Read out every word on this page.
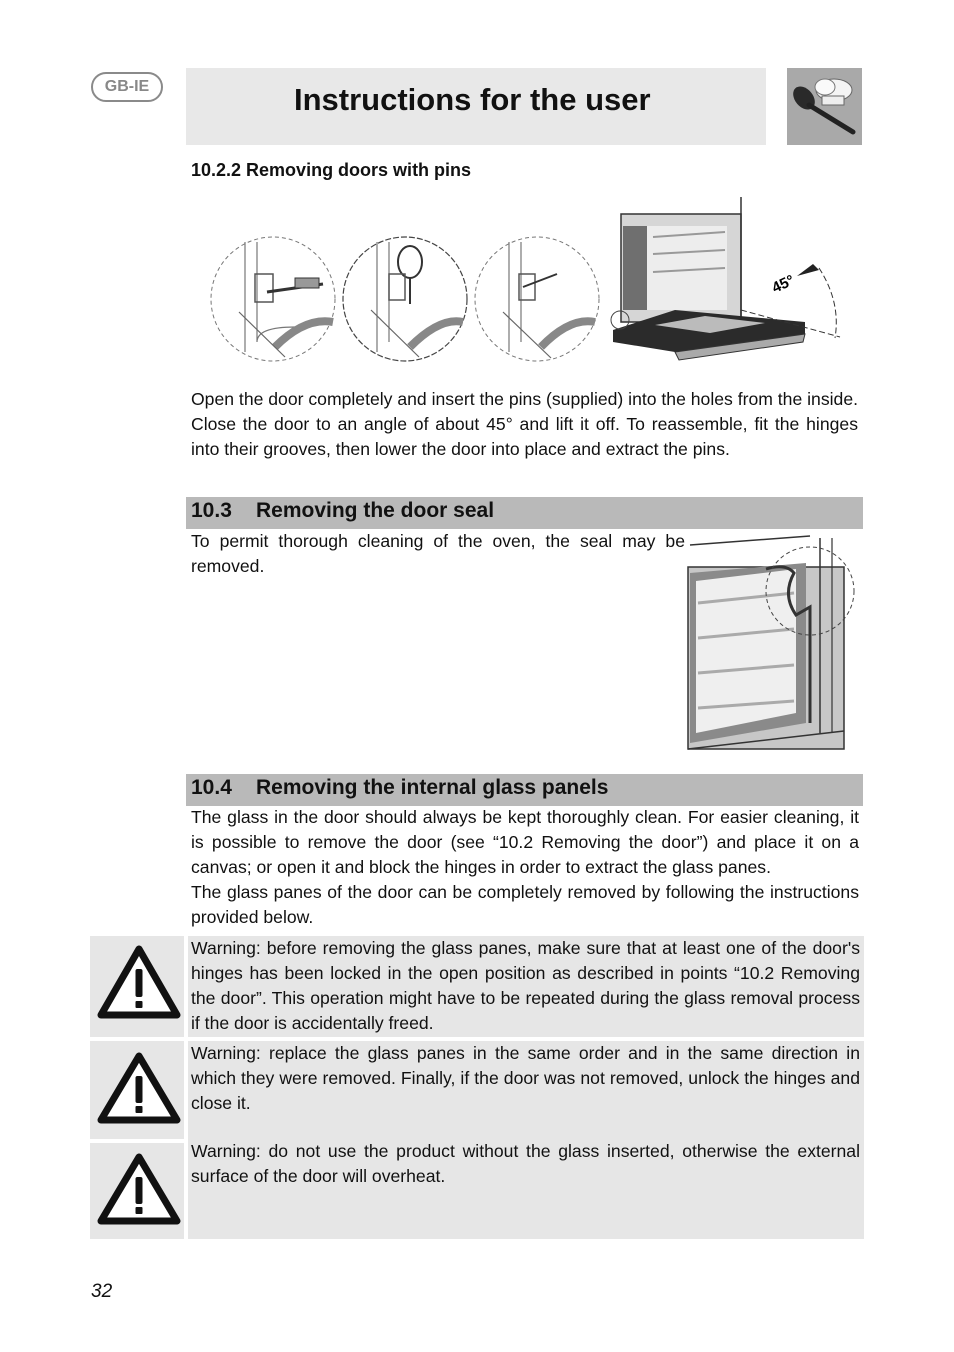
GB-IE	Instructions for the user
10.2.2 Removing doors with pins
45°
Open the door completely and insert the pins (supplied) into the holes from the inside. Close the door to an angle of about 45° and lift it off. To reassemble, fit the hinges into their grooves, then lower the door into place and extract the pins.
10.3 Removing the door seal
To permit thorough cleaning of the oven, the seal may be removed.
10.4 Removing the internal glass panels
The glass in the door should always be kept thoroughly clean. For easier cleaning, it is possible to remove the door (see “10.2 Removing the door”) and place it on a canvas; or open it and block the hinges in order to extract the glass panes.
The glass panes of the door can be completely removed by following the instructions provided below.
Warning: before removing the glass panes, make sure that at least one of the door's hinges has been locked in the open position as described in points “10.2 Removing the door”. This operation might have to be repeated during the glass removal process if the door is accidentally freed.
Warning: replace the glass panes in the same order and in the same direction in which they were removed. Finally, if the door was not removed, unlock the hinges and close it.
Warning: do not use the product without the glass inserted, otherwise the external surface of the door will overheat.
32
